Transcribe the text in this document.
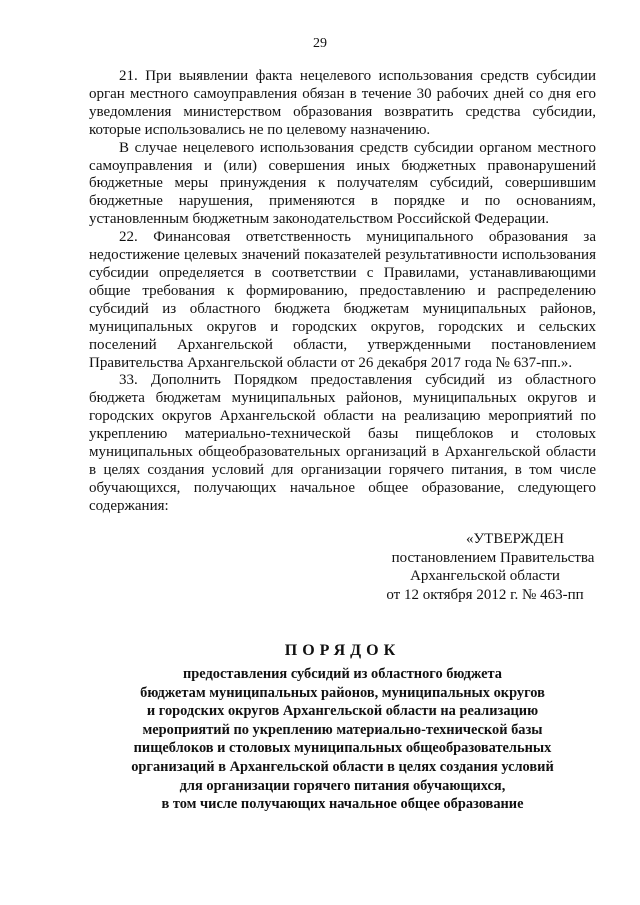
29

21. При выявлении факта нецелевого использования средств субсидии орган местного самоуправления обязан в течение 30 рабочих дней со дня его уведомления министерством образования возвратить средства субсидии, которые использовались не по целевому назначению.

В случае нецелевого использования средств субсидии органом местного самоуправления и (или) совершения иных бюджетных правонарушений бюджетные меры принуждения к получателям субсидий, совершившим бюджетные нарушения, применяются в порядке и по основаниям, установленным бюджетным законодательством Российской Федерации.

22. Финансовая ответственность муниципального образования за недостижение целевых значений показателей результативности использования субсидии определяется в соответствии с Правилами, устанавливающими общие требования к формированию, предоставлению и распределению субсидий из областного бюджета бюджетам муниципальных районов, муниципальных округов и городских округов, городских и сельских поселений Архангельской области, утвержденными постановлением Правительства Архангельской области от 26 декабря 2017 года № 637-пп.».

33. Дополнить Порядком предоставления субсидий из областного бюджета бюджетам муниципальных районов, муниципальных округов и городских округов Архангельской области на реализацию мероприятий по укреплению материально-технической базы пищеблоков и столовых муниципальных общеобразовательных организаций в Архангельской области в целях создания условий для организации горячего питания, в том числе обучающихся, получающих начальное общее образование, следующего содержания:

«УТВЕРЖДЕН
постановлением Правительства
Архангельской области
от 12 октября 2012 г. № 463-пп
ПОРЯДОК
предоставления субсидий из областного бюджета
бюджетам муниципальных районов, муниципальных округов
и городских округов Архангельской области на реализацию
мероприятий по укреплению материально-технической базы
пищеблоков и столовых муниципальных общеобразовательных
организаций в Архангельской области в целях создания условий
для организации горячего питания обучающихся,
в том числе получающих начальное общее образование
